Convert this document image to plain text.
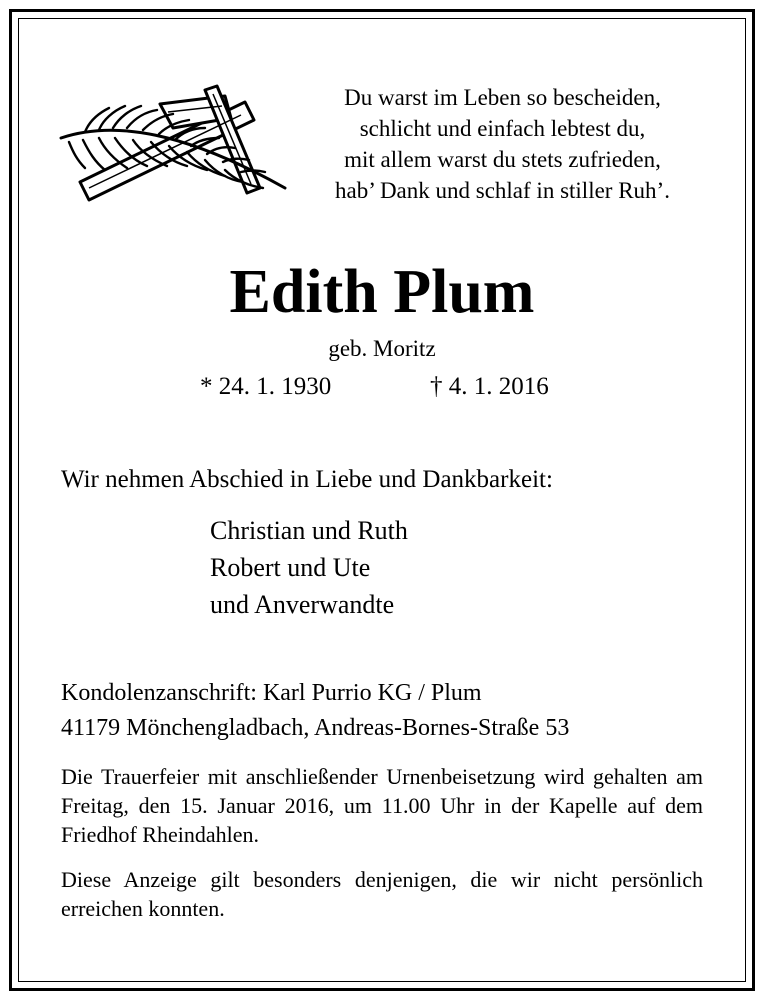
Du warst im Leben so bescheiden,
schlicht und einfach lebtest du,
mit allem warst du stets zufrieden,
hab’ Dank und schlaf in stiller Ruh’.

Edith Plum
geb. Moritz
* 24. 1. 1930	† 4. 1. 2016
Wir nehmen Abschied in Liebe und Dankbarkeit:
Christian und Ruth
Robert und Ute
und Anverwandte
Kondolenzanschrift: Karl Purrio KG / Plum
41179 Mönchengladbach, Andreas-Bornes-Straße 53

Die Trauerfeier mit anschließender Urnenbeisetzung wird gehalten am Freitag, den 15. Januar 2016, um 11.00 Uhr in der Kapelle auf dem Friedhof Rheindahlen.

Diese Anzeige gilt besonders denjenigen, die wir nicht persönlich erreichen konnten.
